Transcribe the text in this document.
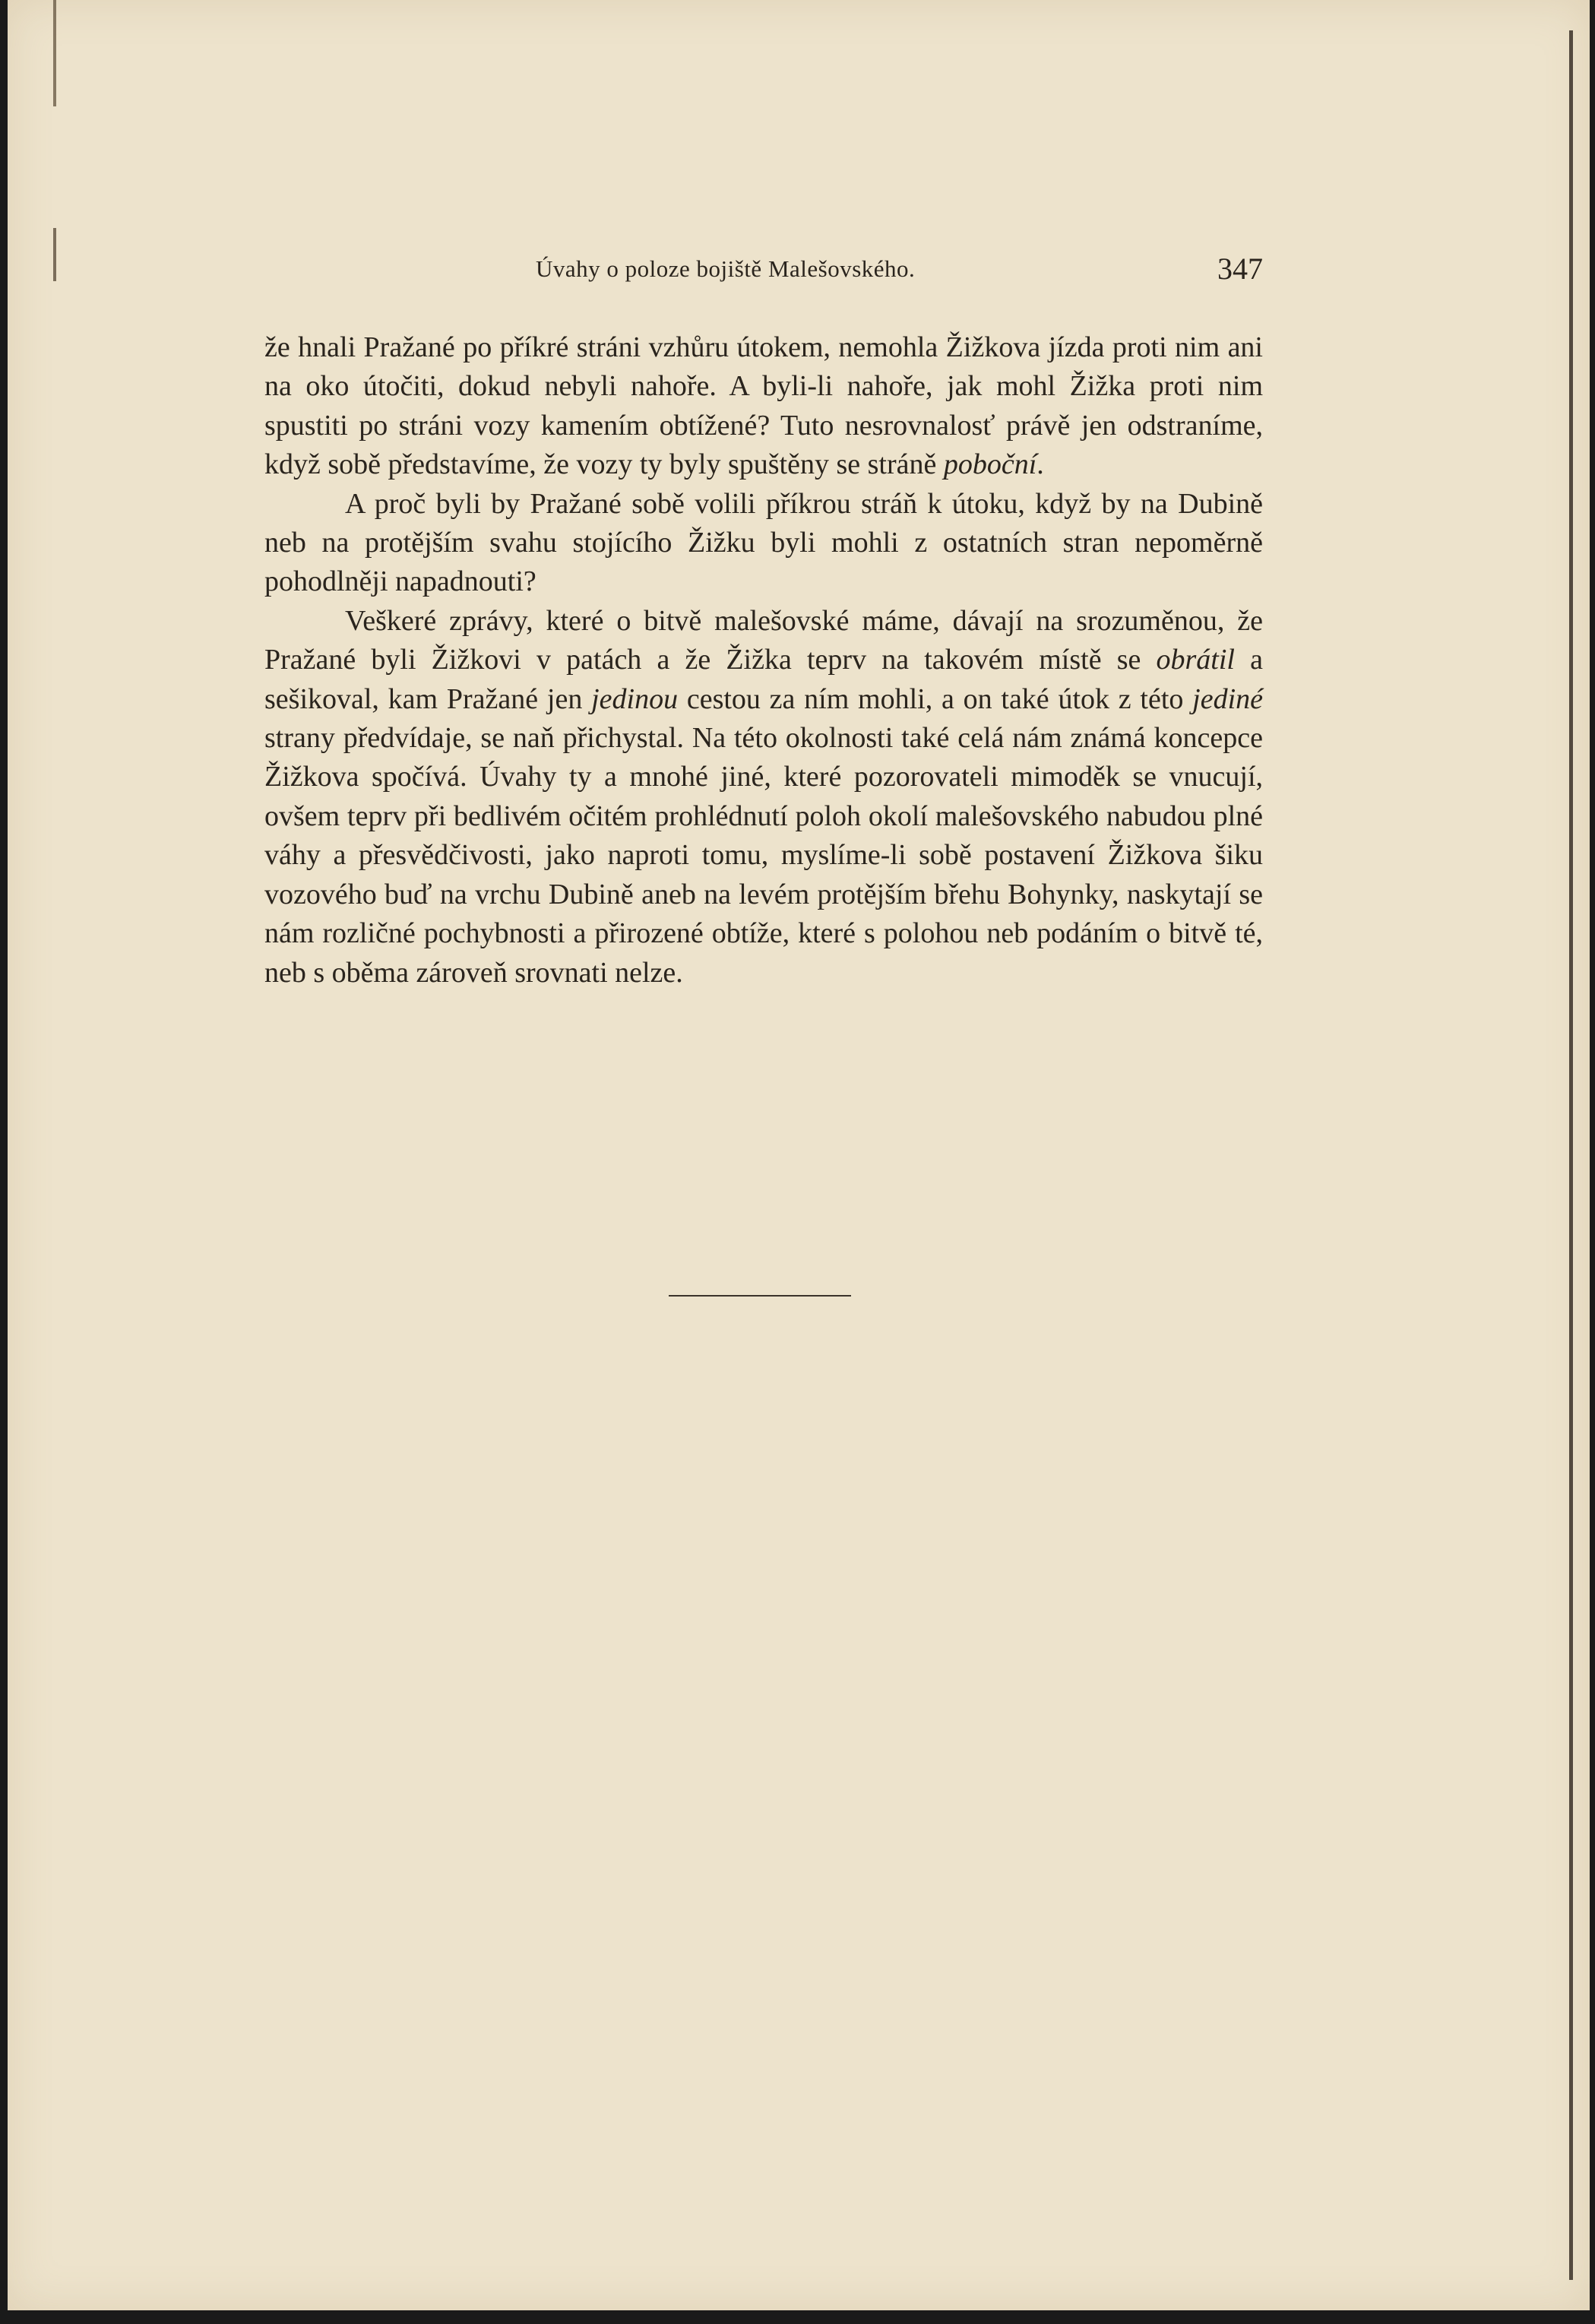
Úvahy o poloze bojiště Malešovského.	347

že hnali Pražané po příkré stráni vzhůru útokem, nemohla Žižkova jízda proti nim ani na oko útočiti, dokud nebyli nahoře. A byli-li nahoře, jak mohl Žižka proti nim spustiti po stráni vozy kamením obtížené? Tuto nesrovnalosť právě jen odstraníme, když sobě představíme, že vozy ty byly spuštěny se stráně poboční.

A proč byli by Pražané sobě volili příkrou stráň k útoku, když by na Dubině neb na protějším svahu stojícího Žižku byli mohli z ostatních stran nepoměrně pohodlněji napadnouti?

Veškeré zprávy, které o bitvě malešovské máme, dávají na srozuměnou, že Pražané byli Žižkovi v patách a že Žižka teprv na takovém místě se obrátil a sešikoval, kam Pražané jen jedinou cestou za ním mohli, a on také útok z této jediné strany předvídaje, se naň přichystal. Na této okolnosti také celá nám známá koncepce Žižkova spočívá. Úvahy ty a mnohé jiné, které pozorovateli mimoděk se vnucují, ovšem teprv při bedlivém očitém prohlédnutí poloh okolí malešovského nabudou plné váhy a přesvědčivosti, jako naproti tomu, myslíme-li sobě postavení Žižkova šiku vozového buď na vrchu Dubině aneb na levém protějším břehu Bohynky, naskytají se nám rozličné pochybnosti a přirozené obtíže, které s polohou neb podáním o bitvě té, neb s oběma zároveň srovnati nelze.
